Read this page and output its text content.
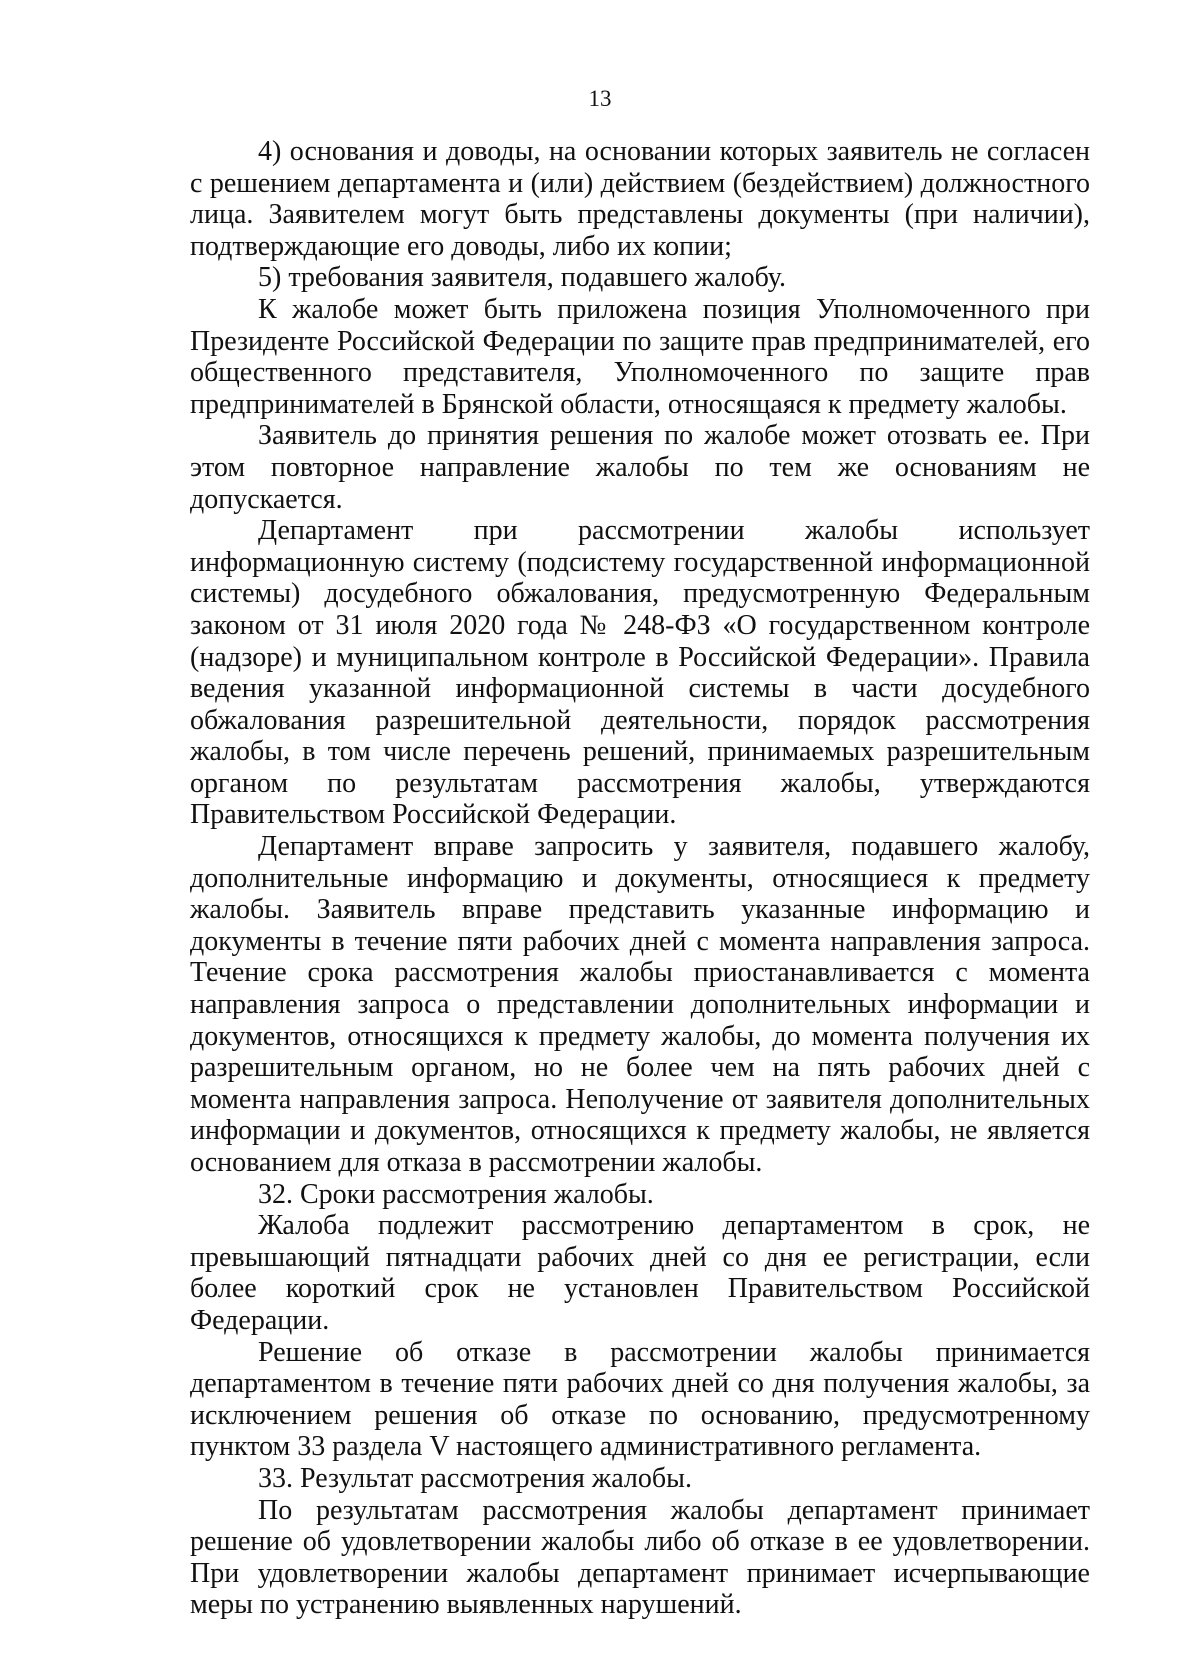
13

4) основания и доводы, на основании которых заявитель не согласен с решением департамента и (или) действием (бездействием) должностного лица. Заявителем могут быть представлены документы (при наличии), подтверждающие его доводы, либо их копии;

5) требования заявителя, подавшего жалобу.

К жалобе может быть приложена позиция Уполномоченного при Президенте Российской Федерации по защите прав предпринимателей, его общественного представителя, Уполномоченного по защите прав предпринимателей в Брянской области, относящаяся к предмету жалобы.

Заявитель до принятия решения по жалобе может отозвать ее. При этом повторное направление жалобы по тем же основаниям не допускается.

Департамент при рассмотрении жалобы использует информационную систему (подсистему государственной информационной системы) досудебного обжалования, предусмотренную Федеральным законом от 31 июля 2020 года № 248-ФЗ «О государственном контроле (надзоре) и муниципальном контроле в Российской Федерации». Правила ведения указанной информационной системы в части досудебного обжалования разрешительной деятельности, порядок рассмотрения жалобы, в том числе перечень решений, принимаемых разрешительным органом по результатам рассмотрения жалобы, утверждаются Правительством Российской Федерации.

Департамент вправе запросить у заявителя, подавшего жалобу, дополнительные информацию и документы, относящиеся к предмету жалобы. Заявитель вправе представить указанные информацию и документы в течение пяти рабочих дней с момента направления запроса. Течение срока рассмотрения жалобы приостанавливается с момента направления запроса о представлении дополнительных информации и документов, относящихся к предмету жалобы, до момента получения их разрешительным органом, но не более чем на пять рабочих дней с момента направления запроса. Неполучение от заявителя дополнительных информации и документов, относящихся к предмету жалобы, не является основанием для отказа в рассмотрении жалобы.

32. Сроки рассмотрения жалобы.

Жалоба подлежит рассмотрению департаментом в срок, не превышающий пятнадцати рабочих дней со дня ее регистрации, если более короткий срок не установлен Правительством Российской Федерации.

Решение об отказе в рассмотрении жалобы принимается департаментом в течение пяти рабочих дней со дня получения жалобы, за исключением решения об отказе по основанию, предусмотренному пунктом 33 раздела V настоящего административного регламента.

33. Результат рассмотрения жалобы.

По результатам рассмотрения жалобы департамент принимает решение об удовлетворении жалобы либо об отказе в ее удовлетворении. При удовлетворении жалобы департамент принимает исчерпывающие меры по устранению выявленных нарушений.
